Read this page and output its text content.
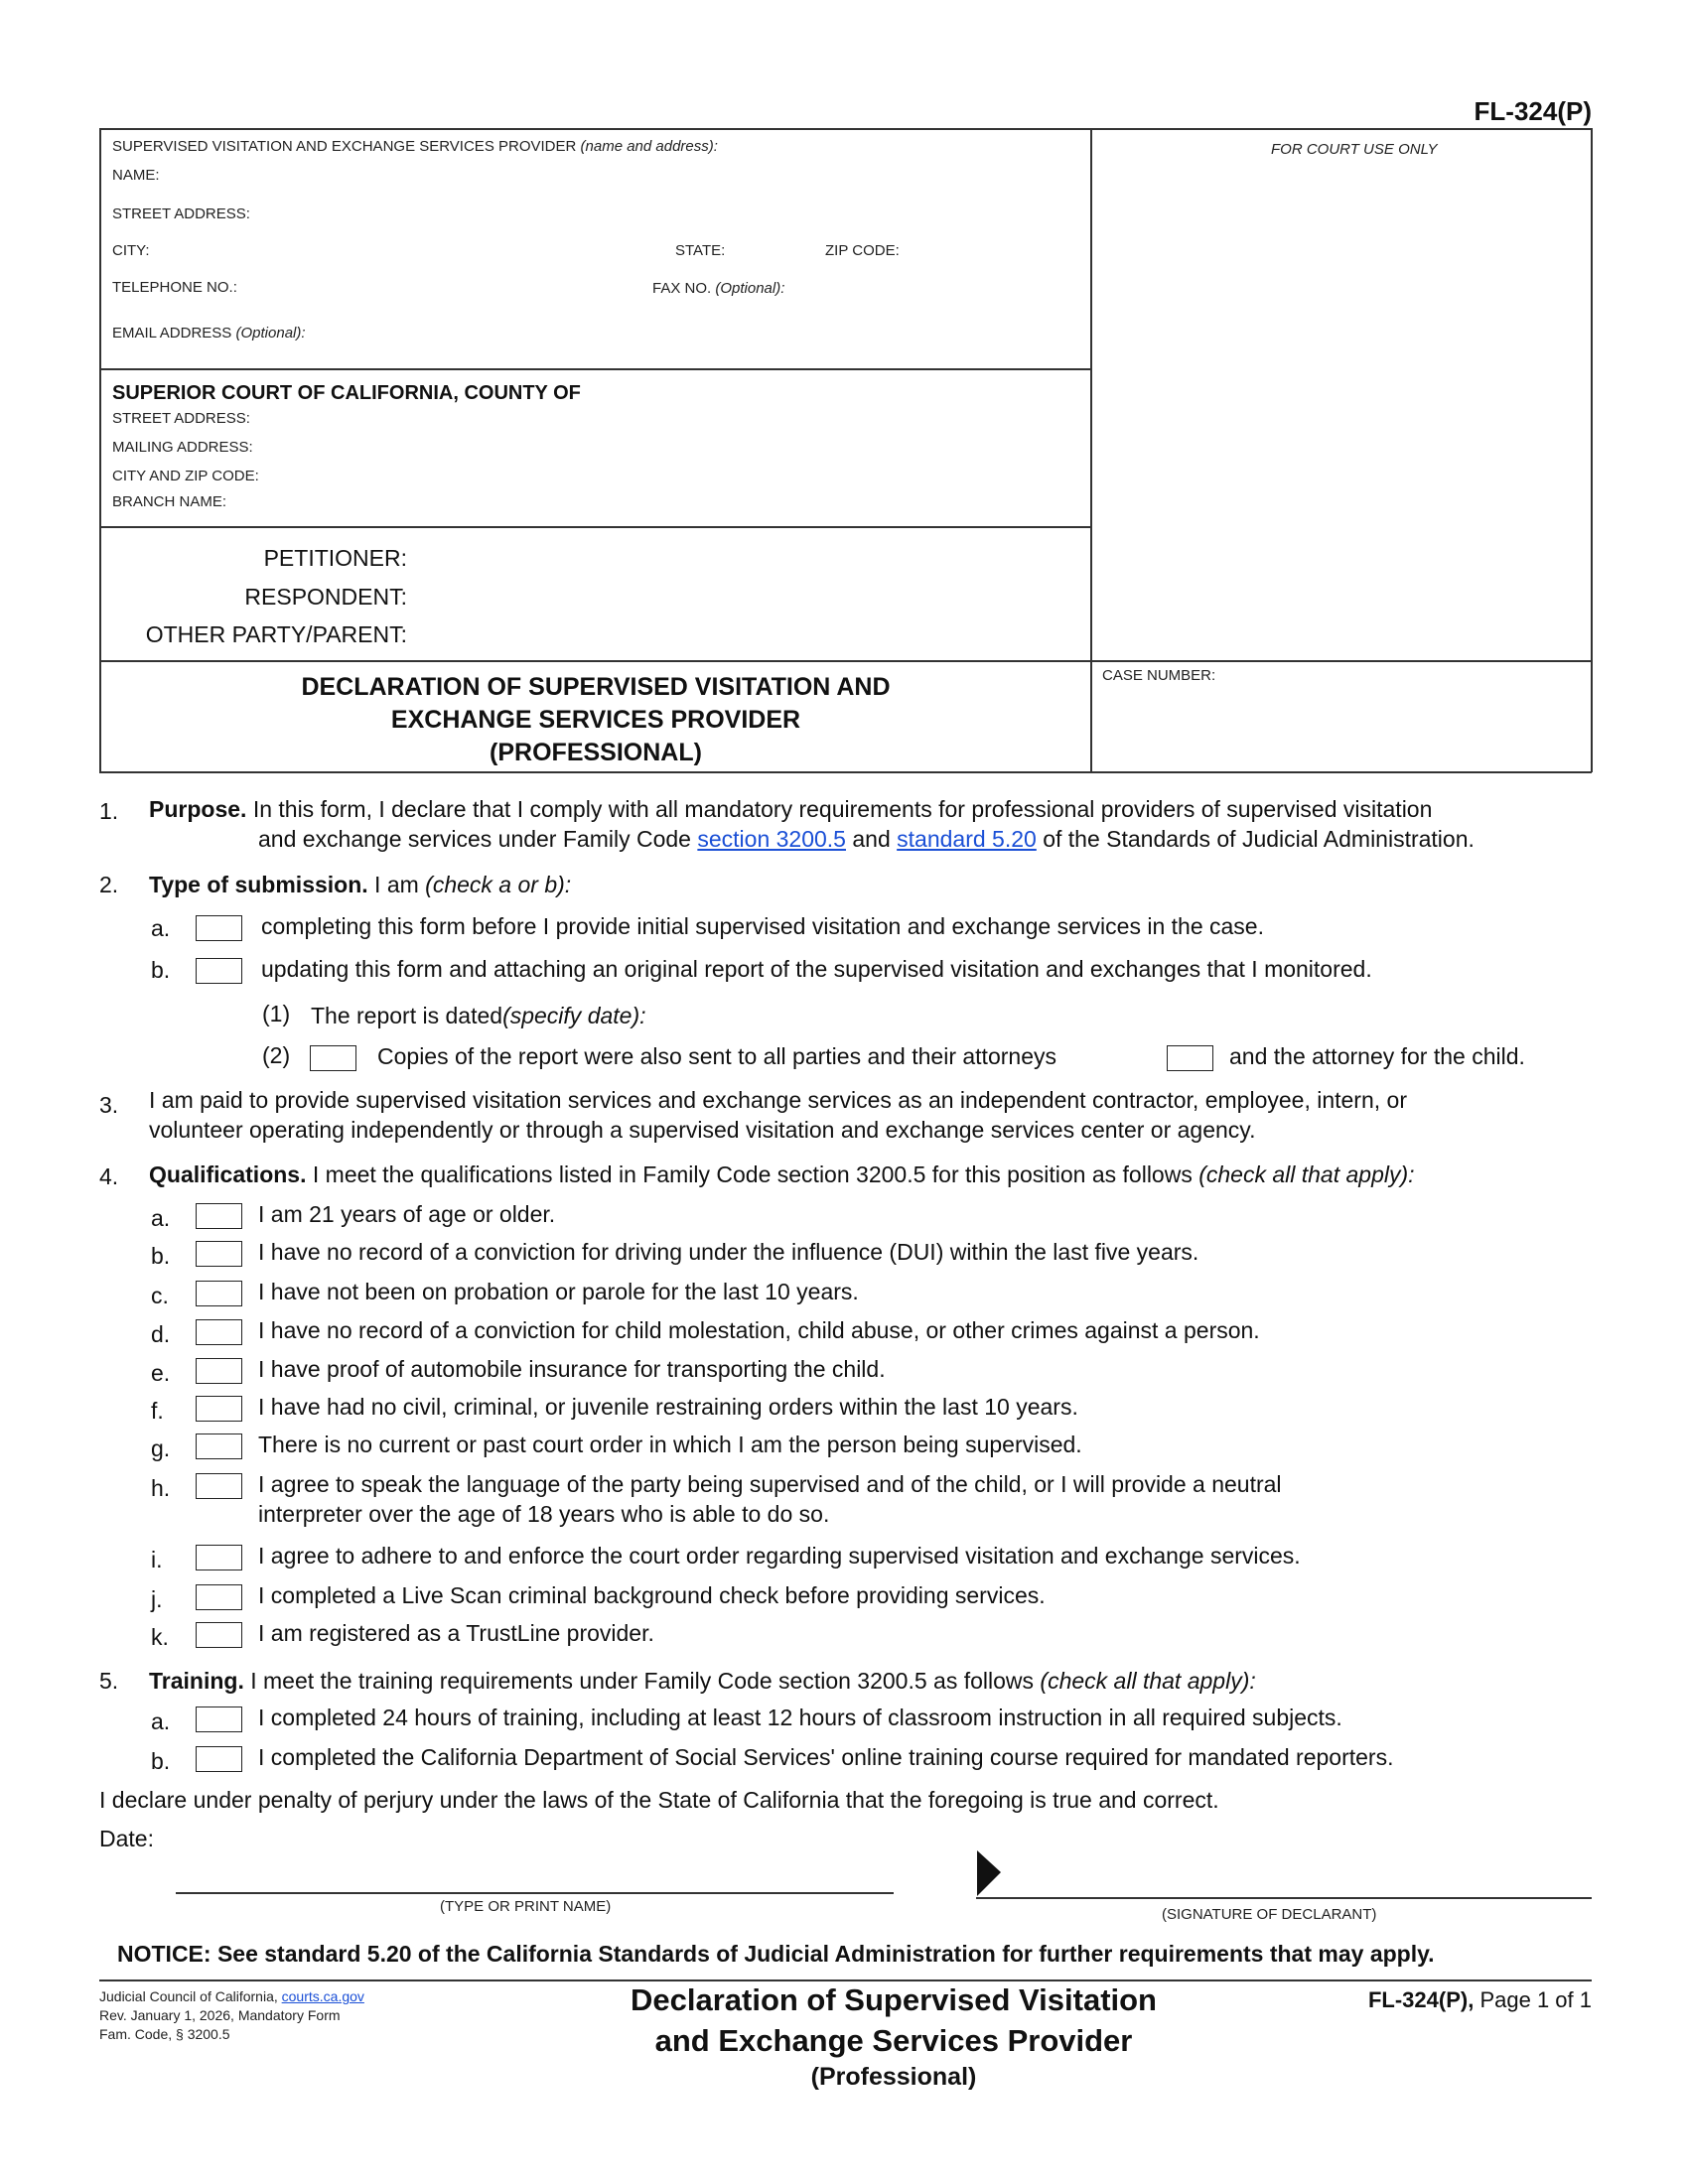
FL-324(P)
SUPERVISED VISITATION AND EXCHANGE SERVICES PROVIDER (name and address):
NAME:
STREET ADDRESS:
CITY:	STATE:	ZIP CODE:
TELEPHONE NO.:	FAX NO. (Optional):
EMAIL ADDRESS (Optional):
FOR COURT USE ONLY
SUPERIOR COURT OF CALIFORNIA, COUNTY OF
STREET ADDRESS:
MAILING ADDRESS:
CITY AND ZIP CODE:
BRANCH NAME:
PETITIONER:
RESPONDENT:
OTHER PARTY/PARENT:
DECLARATION OF SUPERVISED VISITATION AND
EXCHANGE SERVICES PROVIDER
(PROFESSIONAL)
CASE NUMBER:
1. Purpose. In this form, I declare that I comply with all mandatory requirements for professional providers of supervised visitation
and exchange services under Family Code section 3200.5 and standard 5.20 of the Standards of Judicial Administration.
2. Type of submission. I am (check a or b):
a.	completing this form before I provide initial supervised visitation and exchange services in the case.
b.	updating this form and attaching an original report of the supervised visitation and exchanges that I monitored.
(1) The report is dated(specify date):
(2)	Copies of the report were also sent to all parties and their attorneys	and the attorney for the child.
3. I am paid to provide supervised visitation services and exchange services as an independent contractor, employee, intern, or
volunteer operating independently or through a supervised visitation and exchange services center or agency.
4. Qualifications. I meet the qualifications listed in Family Code section 3200.5 for this position as follows (check all that apply):
a.	I am 21 years of age or older.
b.	I have no record of a conviction for driving under the influence (DUI) within the last five years.
c.	I have not been on probation or parole for the last 10 years.
d.	I have no record of a conviction for child molestation, child abuse, or other crimes against a person.
e.	I have proof of automobile insurance for transporting the child.
f.	I have had no civil, criminal, or juvenile restraining orders within the last 10 years.
g.	There is no current or past court order in which I am the person being supervised.
h.	I agree to speak the language of the party being supervised and of the child, or I will provide a neutral
interpreter over the age of 18 years who is able to do so.
i.	I agree to adhere to and enforce the court order regarding supervised visitation and exchange services.
j.	I completed a Live Scan criminal background check before providing services.
k.	I am registered as a TrustLine provider.
5. Training. I meet the training requirements under Family Code section 3200.5 as follows (check all that apply):
a.	I completed 24 hours of training, including at least 12 hours of classroom instruction in all required subjects.
b.	I completed the California Department of Social Services' online training course required for mandated reporters.
I declare under penalty of perjury under the laws of the State of California that the foregoing is true and correct.
Date:
(TYPE OR PRINT NAME)	(SIGNATURE OF DECLARANT)
NOTICE: See standard 5.20 of the California Standards of Judicial Administration for further requirements that may apply.
Judicial Council of California, courts.ca.gov
Rev. January 1, 2026, Mandatory Form
Fam. Code, § 3200.5
Declaration of Supervised Visitation
and Exchange Services Provider
(Professional)
FL-324(P), Page 1 of 1
